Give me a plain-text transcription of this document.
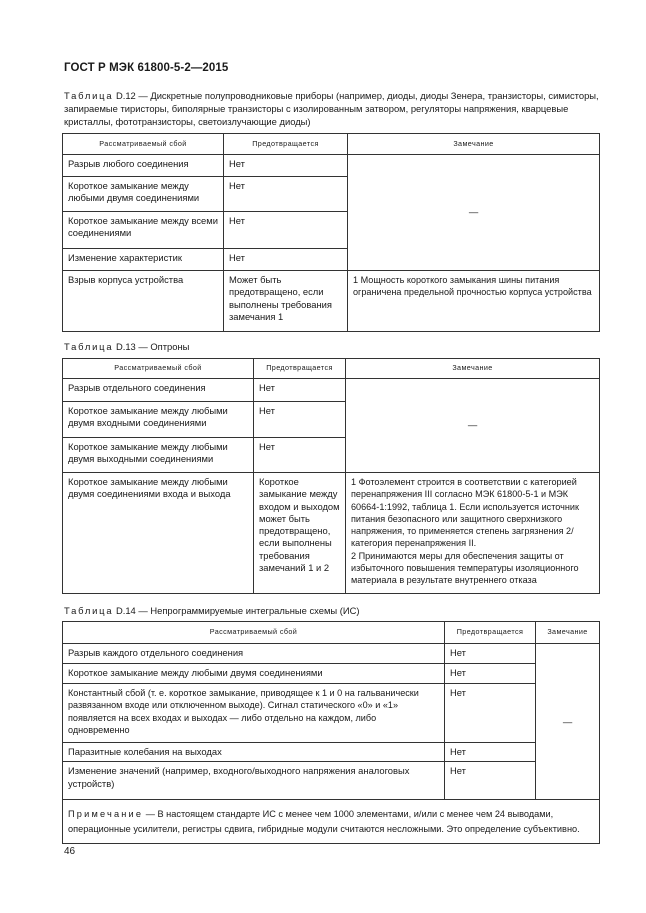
ГОСТ Р МЭК 61800-5-2—2015
Таблица D.12 — Дискретные полупроводниковые приборы (например, диоды, диоды Зенера, транзисторы, симисторы, запираемые тиристоры, биполярные транзисторы с изолированным затвором, регуляторы напряжения, кварцевые кристаллы, фототранзисторы, светоизлучающие диоды)
Рассматриваемый сбой	Предотвращается	Замечание
Разрыв любого соединения	Нет	—
Короткое замыкание между любыми двумя соединениями	Нет	
Короткое замыкание между всеми соединениями	Нет	
Изменение характеристик	Нет	
Взрыв корпуса устройства	Может быть предотвращено, если выполнены требования замечания 1	1 Мощность короткого замыкания шины питания ограничена предельной прочностью корпуса устройства
Таблица D.13 — Оптроны
Рассматриваемый сбой	Предотвращается	Замечание
Разрыв отдельного соединения	Нет	—
Короткое замыкание между любыми двумя входными соединениями	Нет	
Короткое замыкание между любыми двумя выходными соединениями	Нет	
Короткое замыкание между любыми двумя соединениями входа и выхода	Короткое замыкание между входом и выходом может быть предотвращено, если выполнены требования замечаний 1 и 2	1 Фотоэлемент строится в соответствии с категорией перенапряжения III согласно МЭК 61800-5-1 и МЭК 60664-1:1992, таблица 1. Если используется источник питания безопасного или защитного сверхнизкого напряжения, то применяется степень загрязнения 2/категория перенапряжения II.
2 Принимаются меры для обеспечения защиты от избыточного повышения температуры изоляционного материала в результате внутреннего отказа
Таблица D.14 — Непрограммируемые интегральные схемы (ИС)
Рассматриваемый сбой	Предотвращается	Замечание
Разрыв каждого отдельного соединения	Нет	—
Короткое замыкание между любыми двумя соединениями	Нет	
Константный сбой (т. е. короткое замыкание, приводящее к 1 и 0 на гальванически развязанном входе или отключенном выходе). Сигнал статического «0» и «1» появляется на всех входах и выходах — либо отдельно на каждом, либо одновременно	Нет	
Паразитные колебания на выходах	Нет	
Изменение значений (например, входного/выходного напряжения аналоговых устройств)	Нет	
Примечание — В настоящем стандарте ИС с менее чем 1000 элементами, и/или с менее чем 24 выводами, операционные усилители, регистры сдвига, гибридные модули считаются несложными. Это определение субъективно.		
46
